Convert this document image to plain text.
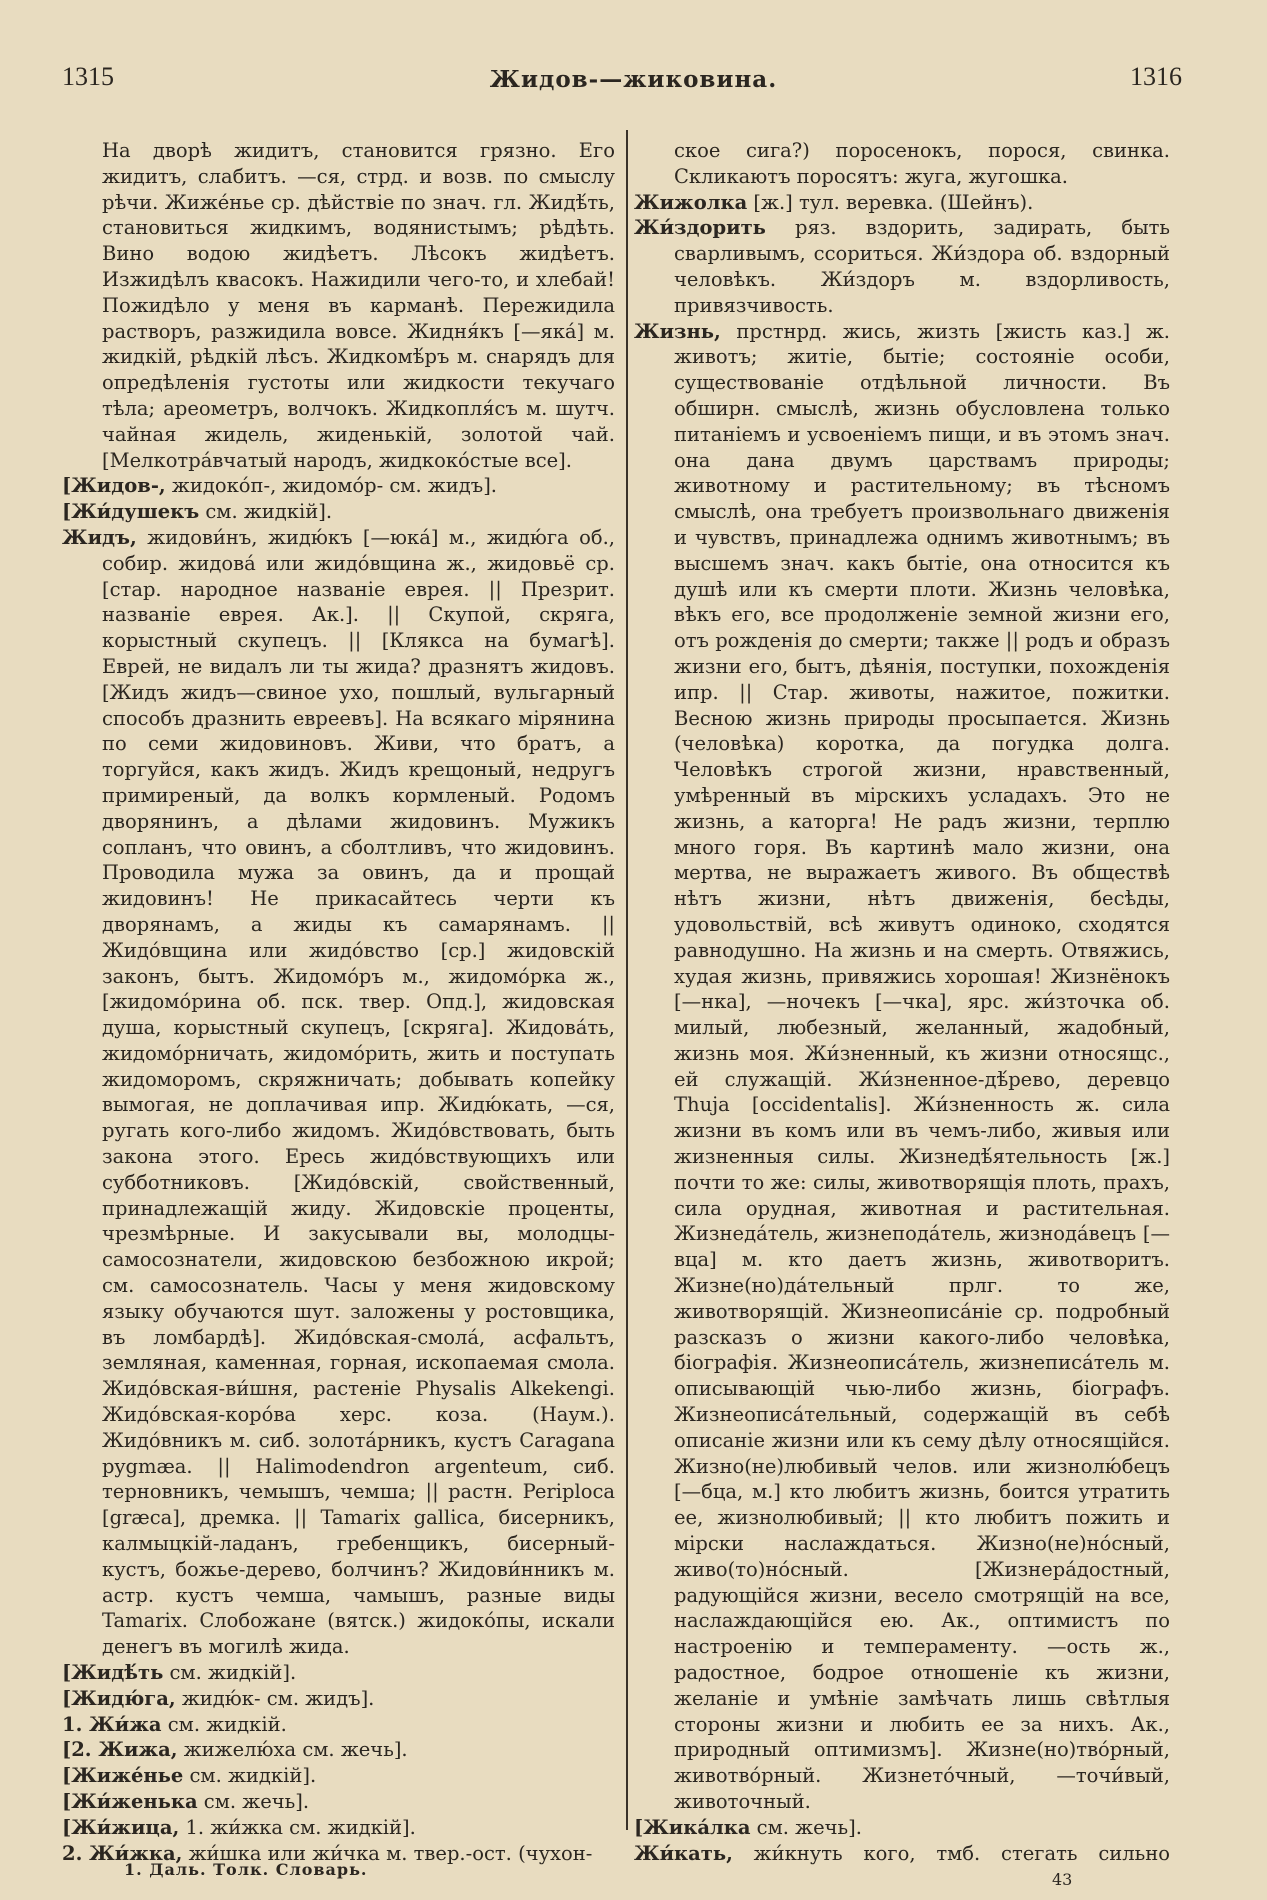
1315	Жидов-—жиковина.	1316

На дворѣ жидитъ, становится грязно. Его жидитъ, слабитъ. —ся, стрд. и возв. по смыслу рѣчи. Жиже́нье ср. дѣйствіе по знач. гл. Жидѣ́ть, становиться жидкимъ, водянистымъ; рѣдѣть. Вино водою жидѣетъ. Лѣсокъ жидѣетъ. Изжидѣлъ квасокъ. Нажидили чего-то, и хлебай! Пожидѣло у меня въ карманѣ. Пережидила растворъ, разжидила вовсе. Жидня́къ [—яка́] м. жидкій, рѣдкій лѣсъ. Жидкомѣ́ръ м. снарядъ для опредѣленія густоты или жидкости текучаго тѣла; ареометръ, волчокъ. Жидкопля́съ м. шутч. чайная жидель, жиденькій, золотой чай. [Мелкотра́вчатый народъ, жидкоко́стые все].

[Жидов-, жидоко́п-, жидомо́р- см. жидъ].

[Жи́душекъ см. жидкій].

Жидъ, жидови́нъ, жидю́къ [—юка́] м., жидю́га об., собир. жидова́ или жидо́вщина ж., жидовьё ср. [стар. народное названіе еврея. || Презрит. названіе еврея. Ак.]. || Скупой, скряга, корыстный скупецъ. || [Клякса на бумагѣ]. Еврей, не видалъ ли ты жида? дразнятъ жидовъ. [Жидъ жидъ—свиное ухо, пошлый, вульгарный способъ дразнить евреевъ]. На всякаго мірянина по семи жидовиновъ. Живи, что братъ, а торгуйся, какъ жидъ. Жидъ крещоный, недругъ примиреный, да волкъ кормленый. Родомъ дворянинъ, а дѣлами жидовинъ. Мужикъ сопланъ, что овинъ, а сболтливъ, что жидовинъ. Проводила мужа за овинъ, да и прощай жидовинъ! Не прикасайтесь черти къ дворянамъ, а жиды къ самарянамъ. || Жидо́вщина или жидо́вство [ср.] жидовскій законъ, бытъ. Жидомо́ръ м., жидомо́рка ж., [жидомо́рина об. пск. твер. Опд.], жидовская душа, корыстный скупецъ, [скряга]. Жидова́ть, жидомо́рничать, жидомо́рить, жить и поступать жидоморомъ, скряжничать; добывать копейку вымогая, не доплачивая ипр. Жидю́кать, —ся, ругать кого-либо жидомъ. Жидо́вствовать, быть закона этого. Ересь жидо́вствующихъ или субботниковъ. [Жидо́вскій, свойственный, принадлежащій жиду. Жидовскіе проценты, чрезмѣрные. И закусывали вы, молодцы-самосознатели, жидовскою безбожною икрой; см. самосознатель. Часы у меня жидовскому языку обучаются шут. заложены у ростовщика, въ ломбардѣ]. Жидо́вская-смола́, асфальтъ, земляная, каменная, горная, ископаемая смола. Жидо́вская-ви́шня, растеніе Physalis Alkekengi. Жидо́вская-коро́ва херс. коза. (Наум.). Жидо́вникъ м. сиб. золота́рникъ, кустъ Caragana pygmæa. || Halimodendron argenteum, сиб. терновникъ, чемышъ, чемша; || растн. Periploca [græca], дремка. || Tamarix gallica, бисерникъ, калмыцкій-ладанъ, гребенщикъ, бисерный-кустъ, божье-дерево, болчинъ? Жидови́нникъ м. астр. кустъ чемша, чамышъ, разные виды Tamarix. Слобожане (вятск.) жидоко́пы, искали денегъ въ могилѣ жида.

[Жидѣ́ть см. жидкій].

[Жидю́га, жидю́к- см. жидъ].

1. Жи́жа см. жидкій.

[2. Жижа, жижелю́ха см. жечь].

[Жиже́нье см. жидкій].

[Жи́женька см. жечь].

[Жи́жица, 1. жи́жка см. жидкій].

2. Жи́жка, жи́шка или жи́чка м. твер.-ост. (чухон-

ское сига?) поросенокъ, порося, свинка. Скликаютъ поросятъ: жуга, жугошка.

Жижолка [ж.] тул. веревка. (Шейнъ).

Жи́здорить ряз. вздорить, задирать, быть сварливымъ, ссориться. Жи́здора об. вздорный человѣкъ. Жи́здоръ м. вздорливость, привязчивость.

Жизнь, прстнрд. жись, жизть [жисть каз.] ж. животъ; житіе, бытіе; состояніе особи, существованіе отдѣльной личности. Въ обширн. смыслѣ, жизнь обусловлена только питаніемъ и усвоеніемъ пищи, и въ этомъ знач. она дана двумъ царствамъ природы; животному и растительному; въ тѣсномъ смыслѣ, она требуетъ произвольнаго движенія и чувствъ, принадлежа однимъ животнымъ; въ высшемъ знач. какъ бытіе, она относится къ душѣ или къ смерти плоти. Жизнь человѣка, вѣкъ его, все продолженіе земной жизни его, отъ рожденія до смерти; также || родъ и образъ жизни его, бытъ, дѣянія, поступки, похожденія ипр. || Стар. животы, нажитое, пожитки. Весною жизнь природы просыпается. Жизнь (человѣка) коротка, да погудка долга. Человѣкъ строгой жизни, нравственный, умѣренный въ мірскихъ усладахъ. Это не жизнь, а каторга! Не радъ жизни, терплю много горя. Въ картинѣ мало жизни, она мертва, не выражаетъ живого. Въ обществѣ нѣтъ жизни, нѣтъ движенія, бесѣды, удовольствій, всѣ живутъ одиноко, сходятся равнодушно. На жизнь и на смерть. Отвяжись, худая жизнь, привяжись хорошая! Жизнёнокъ [—нка], —ночекъ [—чка], ярс. жи́зточка об. милый, любезный, желанный, жадобный, жизнь моя. Жи́зненный, къ жизни относящс., ей служащій. Жи́зненное-дѣ́рево, деревцо Thuja [occidentalis]. Жи́зненность ж. сила жизни въ комъ или въ чемъ-либо, живыя или жизненныя силы. Жизнедѣ́ятельность [ж.] почти то же: силы, животворящія плоть, прахъ, сила орудная, животная и растительная. Жизнеда́тель, жизнепода́тель, жизнода́вецъ [—вца] м. кто даетъ жизнь, животворитъ. Жизне(но)да́тельный прлг. то же, животворящій. Жизнеописа́ніе ср. подробный разсказъ о жизни какого-либо человѣка, біографія. Жизнеописа́тель, жизнеписа́тель м. описывающій чью-либо жизнь, біографъ. Жизнеописа́тельный, содержащій въ себѣ описаніе жизни или къ сему дѣлу относящійся. Жизно(не)любивый челов. или жизнолю́бецъ [—бца, м.] кто любитъ жизнь, боится утратить ее, жизнолюбивый; || кто любитъ пожить и мірски наслаждаться. Жизно(не)но́сный, живо(то)но́сный. [Жизнера́достный, радующійся жизни, весело смотрящій на все, наслаждающійся ею. Ак., оптимистъ по настроенію и темпераменту. —ость ж., радостное, бодрое отношеніе къ жизни, желаніе и умѣніе замѣчать лишь свѣтлыя стороны жизни и любить ее за нихъ. Ак., природный оптимизмъ]. Жизне(но)тво́рный, животво́рный. Жизнето́чный, —точи́вый, животочный.

[Жика́лка см. жечь].

Жи́кать, жи́кнуть кого, тмб. стегать сильно

1. Даль. Толк. Словарь.
43
